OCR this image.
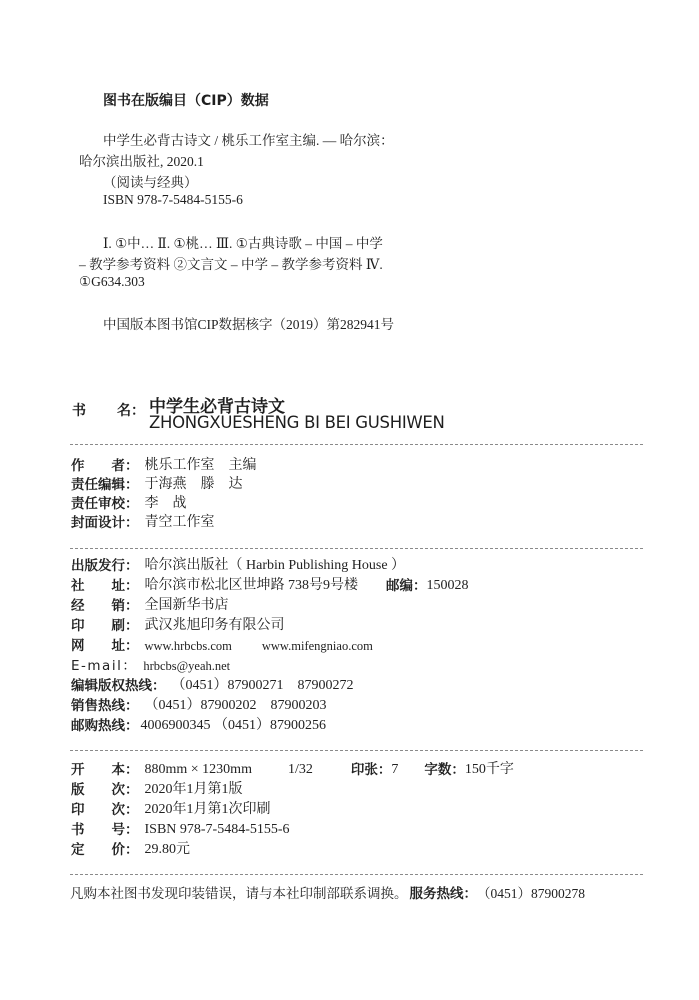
图书在版编目（CIP）数据
中学生必背古诗文 / 桃乐工作室主编. — 哈尔滨：
哈尔滨出版社, 2020.1
（阅读与经典）
ISBN 978-7-5484-5155-6
Ⅰ. ①中… Ⅱ. ①桃… Ⅲ. ①古典诗歌 – 中国 – 中学
– 教学参考资料 ②文言文 – 中学 – 教学参考资料 Ⅳ.
①G634.303
中国版本图书馆CIP数据核字（2019）第282941号
书 名： 中学生必背古诗文
ZHONGXUESHENG BI BEI GUSHIWEN
作　　者： 桃乐工作室　主编
责任编辑： 于海燕　滕　达
责任审校： 李　战
封面设计： 青空工作室
出版发行： 哈尔滨出版社（ Harbin Publishing House ）
社　　址： 哈尔滨市松北区世坤路 738号9号楼 邮编： 150028
经　　销： 全国新华书店
印　　刷： 武汉兆旭印务有限公司
网　　址： www.hrbcbs.com www.mifengniao.com
E-mail： hrbcbs@yeah.net
编辑版权热线： （0451）87900271　87900272
销售热线： （0451）87900202　87900203
邮购热线： 4006900345 （0451）87900256
开　　本： 880mm × 1230mm	1/32	印张： 7 字数： 150千字
版　　次： 2020年1月第1版
印　　次： 2020年1月第1次印刷
书　　号： ISBN 978-7-5484-5155-6
定　　价： 29.80元
凡购本社图书发现印装错误，请与本社印制部联系调换。 服务热线： （0451）87900278
